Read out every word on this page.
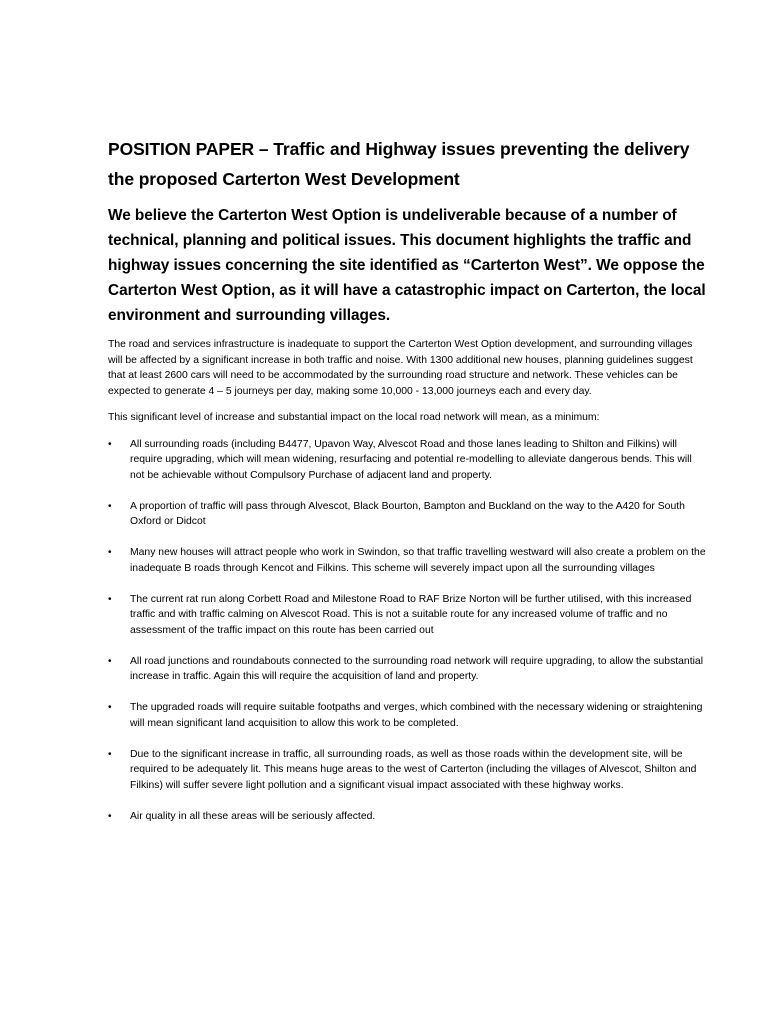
POSITION PAPER – Traffic and Highway issues preventing the delivery the proposed Carterton West Development
We believe the Carterton West Option is undeliverable because of a number of technical, planning and political issues. This document highlights the traffic and highway issues concerning the site identified as “Carterton West”. We oppose the Carterton West Option, as it will have a catastrophic impact on Carterton, the local environment and surrounding villages.

The road and services infrastructure is inadequate to support the Carterton West Option development, and surrounding villages will be affected by a significant increase in both traffic and noise. With 1300 additional new houses, planning guidelines suggest that at least 2600 cars will need to be accommodated by the surrounding road structure and network. These vehicles can be expected to generate 4 – 5 journeys per day, making some 10,000 - 13,000 journeys each and every day.

This significant level of increase and substantial impact on the local road network will mean, as a minimum:

• All surrounding roads (including B4477, Upavon Way, Alvescot Road and those lanes leading to Shilton and Filkins) will require upgrading, which will mean widening, resurfacing and potential re-modelling to alleviate dangerous bends. This will not be achievable without Compulsory Purchase of adjacent land and property.
• A proportion of traffic will pass through Alvescot, Black Bourton, Bampton and Buckland on the way to the A420 for South Oxford or Didcot
• Many new houses will attract people who work in Swindon, so that traffic travelling westward will also create a problem on the inadequate B roads through Kencot and Filkins. This scheme will severely impact upon all the surrounding villages
• The current rat run along Corbett Road and Milestone Road to RAF Brize Norton will be further utilised, with this increased traffic and with traffic calming on Alvescot Road. This is not a suitable route for any increased volume of traffic and no assessment of the traffic impact on this route has been carried out
• All road junctions and roundabouts connected to the surrounding road network will require upgrading, to allow the substantial increase in traffic. Again this will require the acquisition of land and property.
• The upgraded roads will require suitable footpaths and verges, which combined with the necessary widening or straightening will mean significant land acquisition to allow this work to be completed.
• Due to the significant increase in traffic, all surrounding roads, as well as those roads within the development site, will be required to be adequately lit. This means huge areas to the west of Carterton (including the villages of Alvescot, Shilton and Filkins) will suffer severe light pollution and a significant visual impact associated with these highway works.
• Air quality in all these areas will be seriously affected.
